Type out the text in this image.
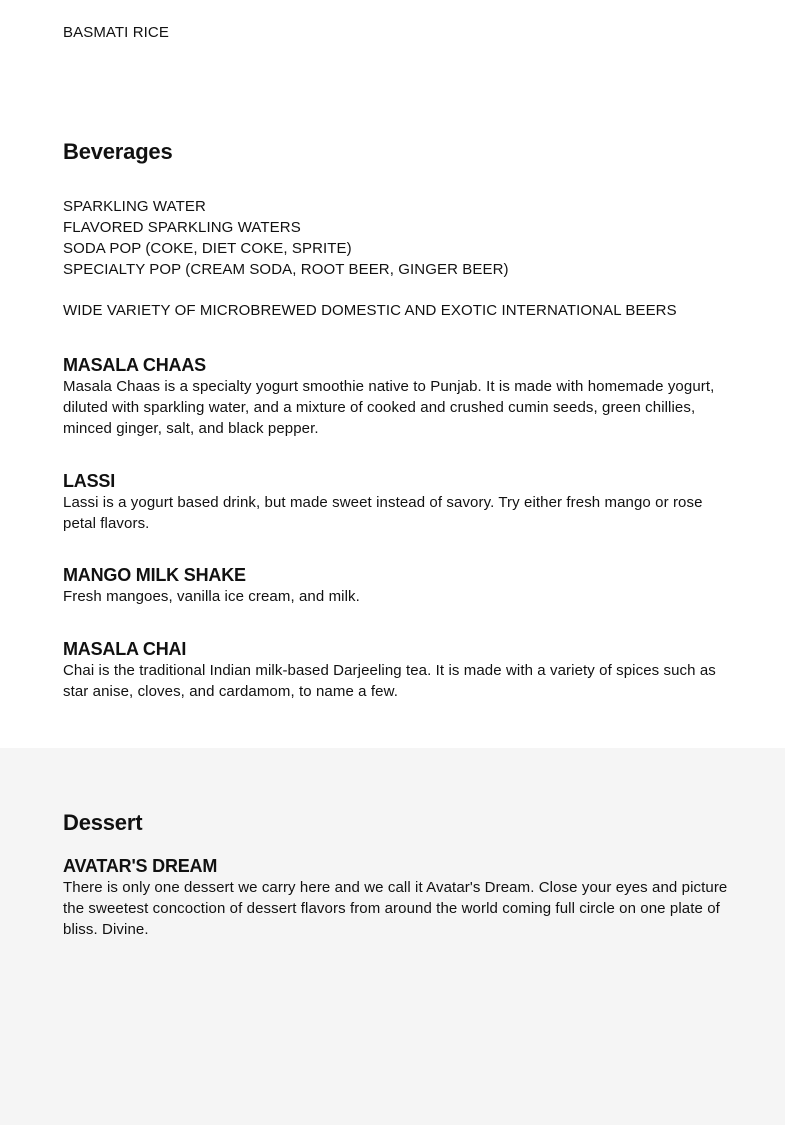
BASMATI RICE
Beverages
SPARKLING WATER
FLAVORED SPARKLING WATERS
SODA POP (COKE, DIET COKE, SPRITE)
SPECIALTY POP (CREAM SODA, ROOT BEER, GINGER BEER)
WIDE VARIETY OF MICROBREWED DOMESTIC AND EXOTIC INTERNATIONAL BEERS
MASALA CHAAS
Masala Chaas is a specialty yogurt smoothie native to Punjab. It is made with homemade yogurt, diluted with sparkling water, and a mixture of cooked and crushed cumin seeds, green chillies, minced ginger, salt, and black pepper.
LASSI
Lassi is a yogurt based drink, but made sweet instead of savory. Try either fresh mango or rose petal flavors.
MANGO MILK SHAKE
Fresh mangoes, vanilla ice cream, and milk.
MASALA CHAI
Chai is the traditional Indian milk-based Darjeeling tea. It is made with a variety of spices such as star anise, cloves, and cardamom, to name a few.
Dessert
AVATAR'S DREAM
There is only one dessert we carry here and we call it Avatar's Dream. Close your eyes and picture the sweetest concoction of dessert flavors from around the world coming full circle on one plate of bliss. Divine.
